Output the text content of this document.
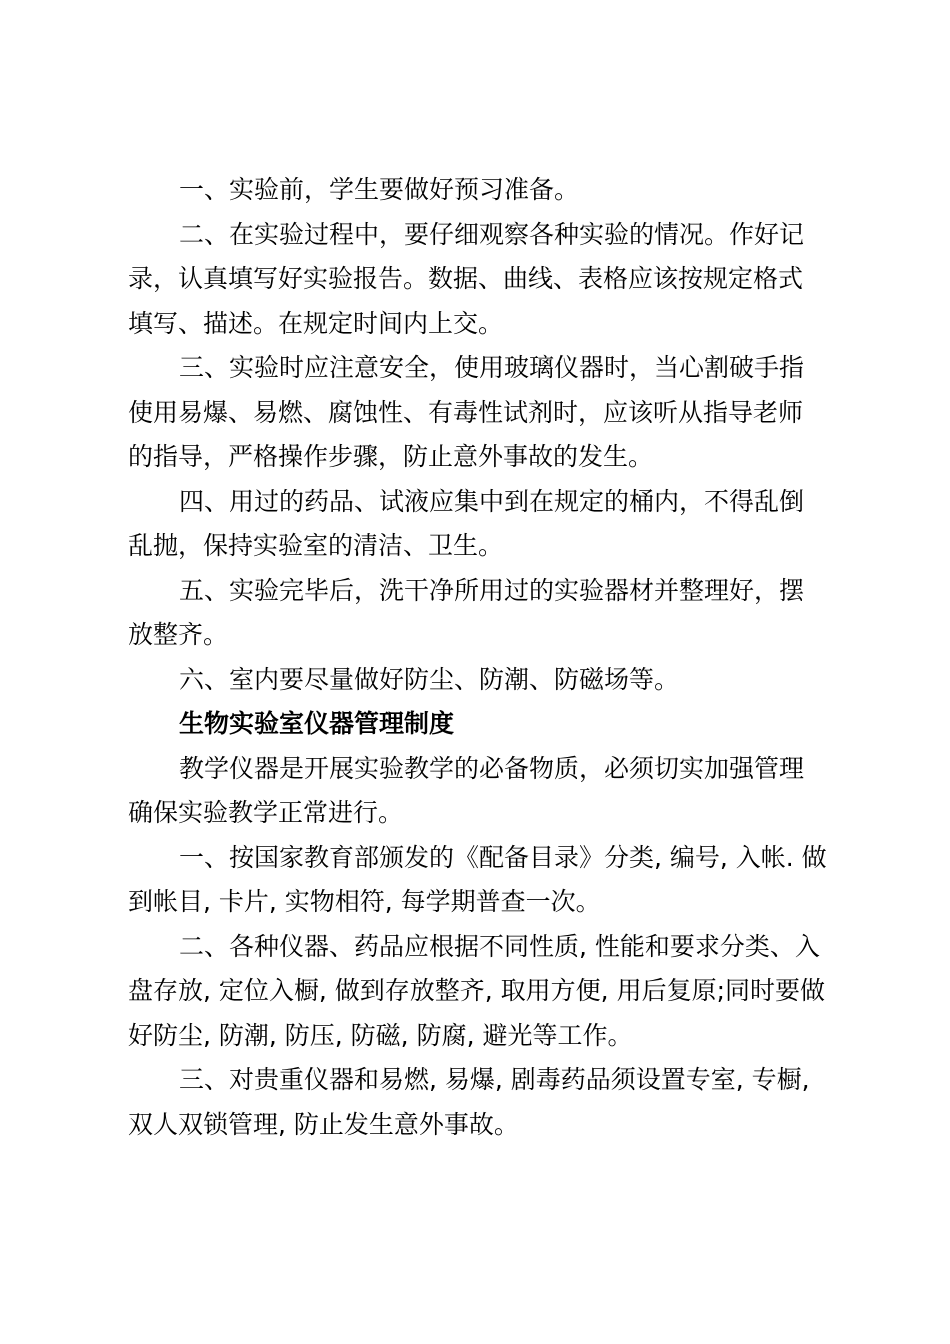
一、实验前，学生要做好预习准备。
二、在实验过程中，要仔细观察各种实验的情况。作好记
录，认真填写好实验报告。数据、曲线、表格应该按规定格式
填写、描述。在规定时间内上交。
三、实验时应注意安全，使用玻璃仪器时，当心割破手指
使用易爆、易燃、腐蚀性、有毒性试剂时，应该听从指导老师
的指导，严格操作步骤，防止意外事故的发生。
四、用过的药品、试液应集中到在规定的桶内，不得乱倒
乱抛，保持实验室的清洁、卫生。
五、实验完毕后，洗干净所用过的实验器材并整理好，摆
放整齐。
六、室内要尽量做好防尘、防潮、防磁场等。
生物实验室仪器管理制度
教学仪器是开展实验教学的必备物质，必须切实加强管理
确保实验教学正常进行。
一、按国家教育部颁发的《配备目录》分类, 编号, 入帐. 做
到帐目, 卡片, 实物相符, 每学期普查一次。
二、各种仪器、药品应根据不同性质, 性能和要求分类、入
盘存放, 定位入橱, 做到存放整齐, 取用方便, 用后复原;同时要做
好防尘, 防潮, 防压, 防磁, 防腐, 避光等工作。
三、对贵重仪器和易燃, 易爆, 剧毒药品须设置专室, 专橱,
双人双锁管理, 防止发生意外事故。
